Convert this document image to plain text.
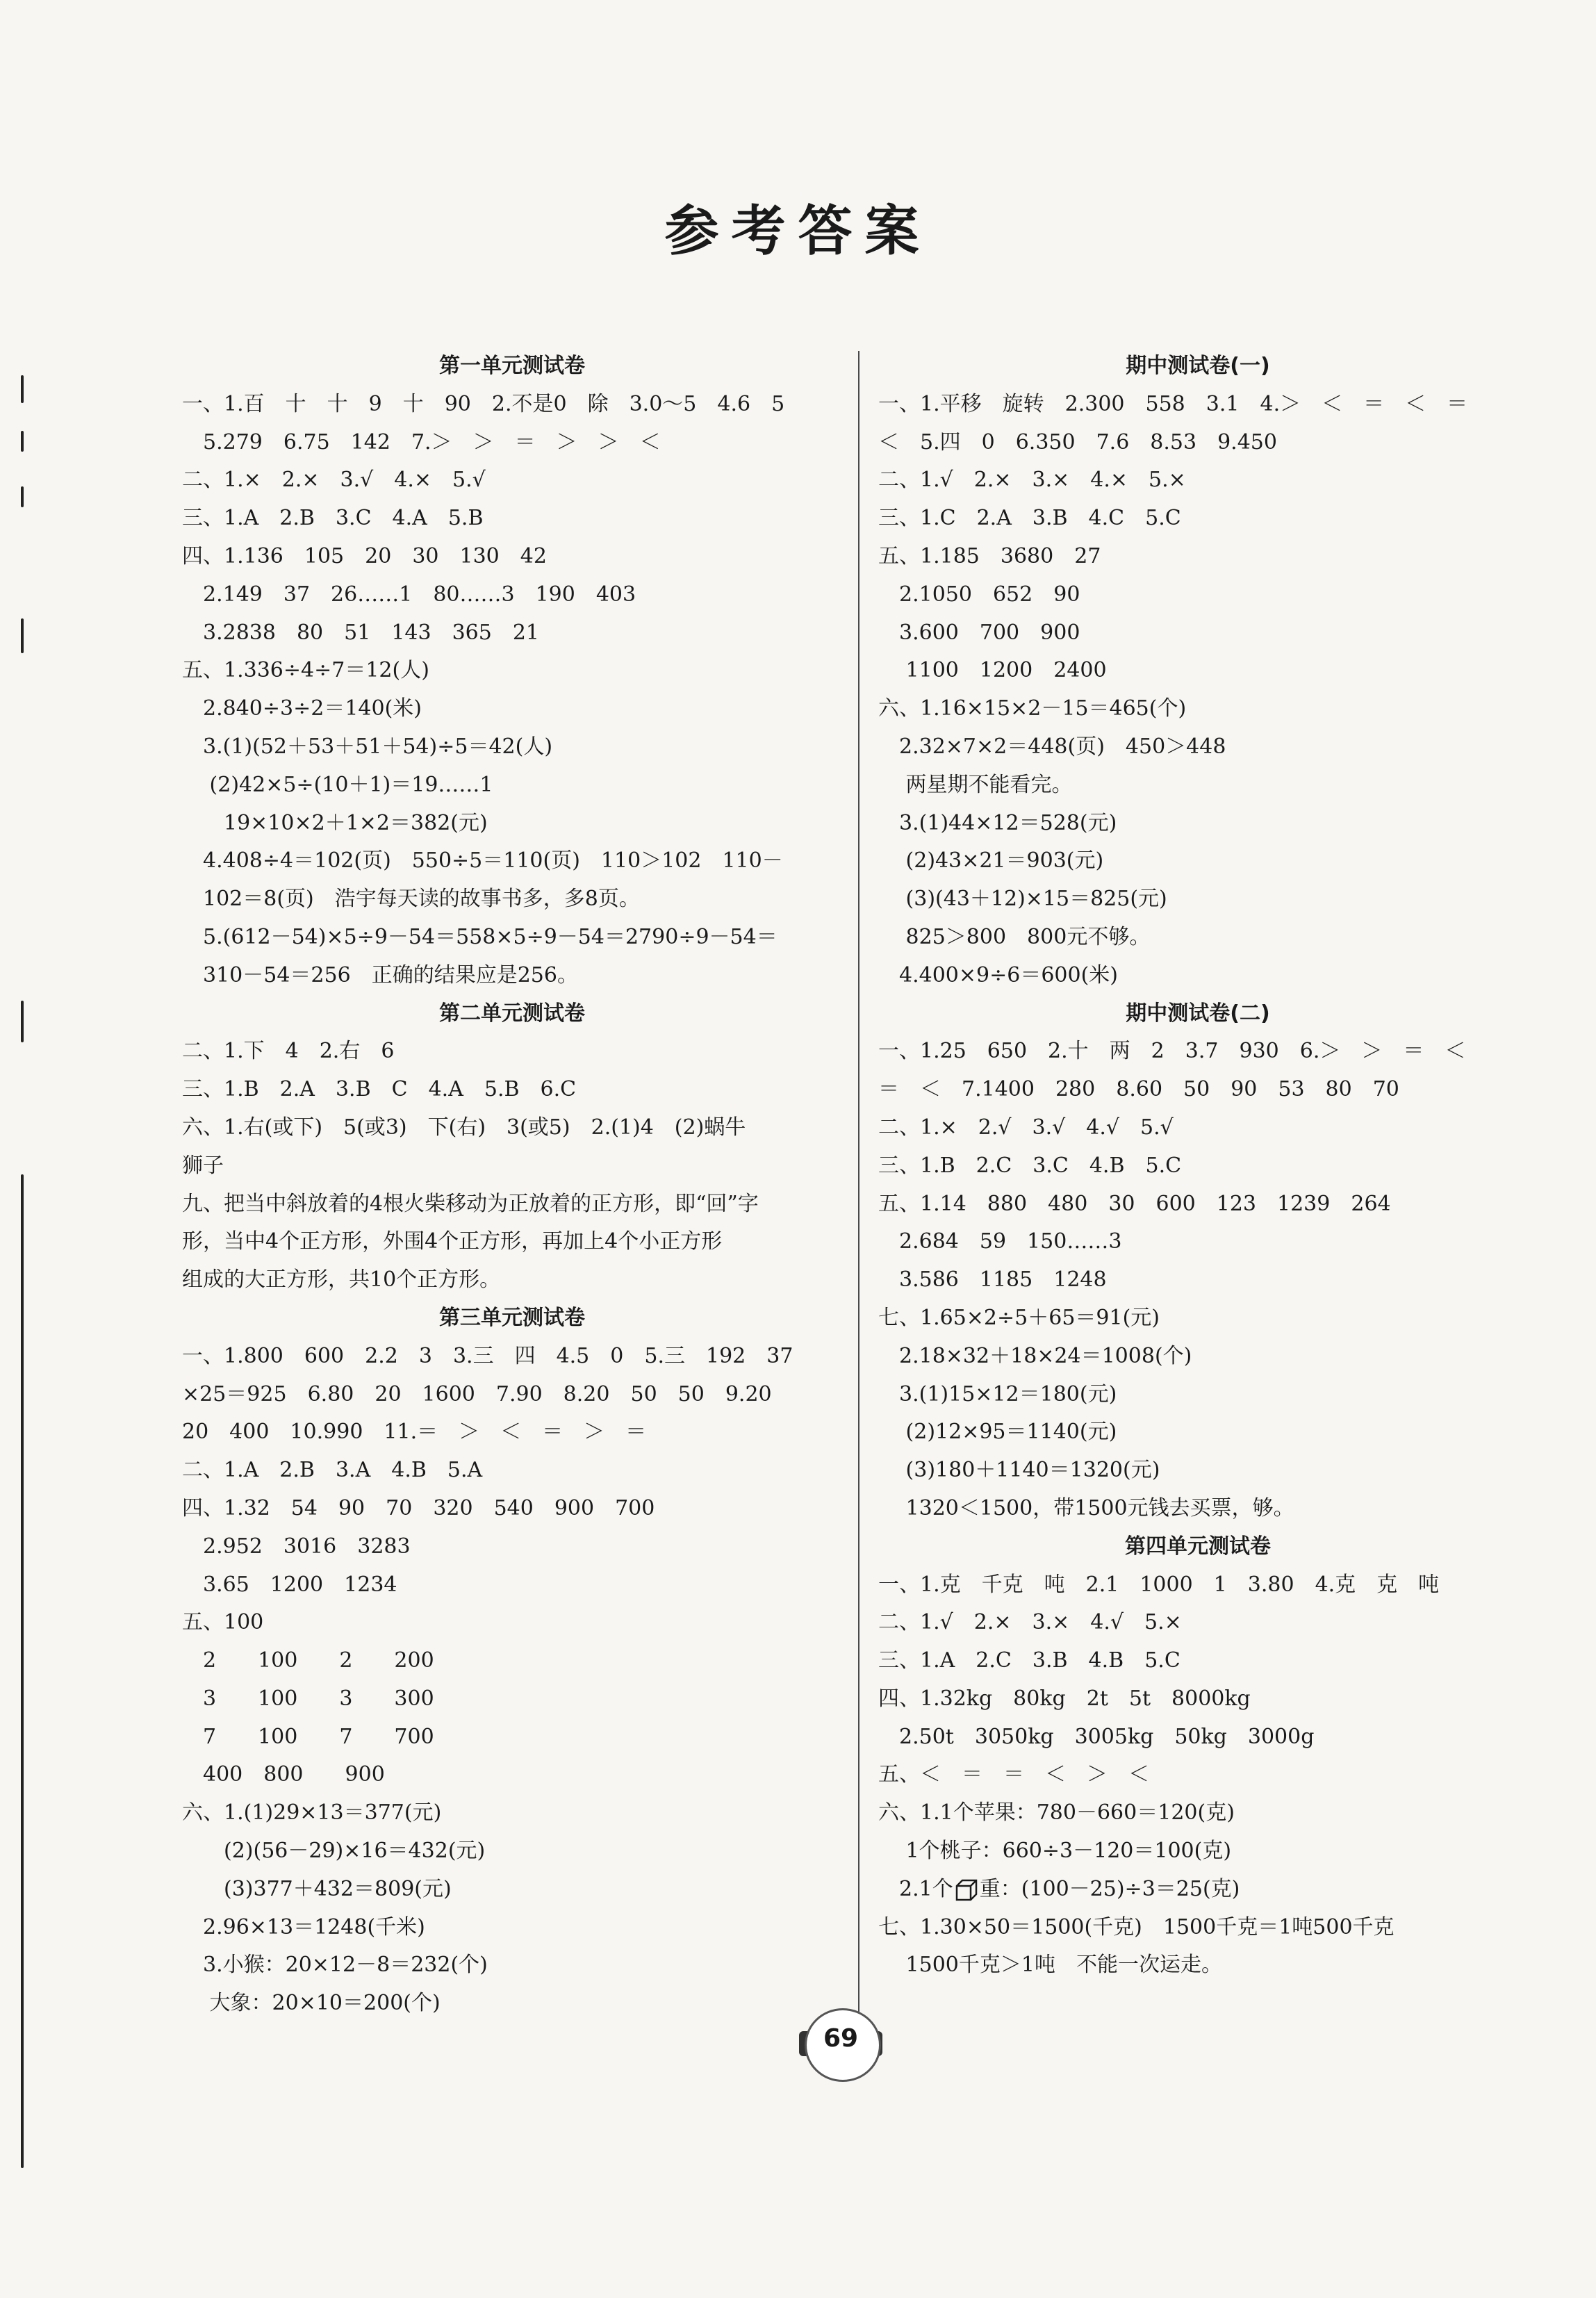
参考答案
第一单元测试卷
一、1.百　十　十　9　十　90　2.不是0　除　3.0～5　4.6　5
　5.279　6.75　142　7.＞　＞　＝　＞　＞　＜
二、1.×　2.×　3.√　4.×　5.√
三、1.A　2.B　3.C　4.A　5.B
四、1.136　105　20　30　130　42
　2.149　37　26……1　80……3　190　403
　3.2838　80　51　143　365　21
五、1.336÷4÷7＝12(人)
　2.840÷3÷2＝140(米)
　3.(1)(52＋53＋51＋54)÷5＝42(人)
　 (2)42×5÷(10＋1)＝19……1
　　19×10×2＋1×2＝382(元)
　4.408÷4＝102(页)　550÷5＝110(页)　110＞102　110－
　102＝8(页)　浩宇每天读的故事书多，多8页。
　5.(612－54)×5÷9－54＝558×5÷9－54＝2790÷9－54＝
　310－54＝256　正确的结果应是256。
第二单元测试卷
二、1.下　4　2.右　6
三、1.B　2.A　3.B　C　4.A　5.B　6.C
六、1.右(或下)　5(或3)　下(右)　3(或5)　2.(1)4　(2)蜗牛
狮子
九、把当中斜放着的4根火柴移动为正放着的正方形，即“回”字
形，当中4个正方形，外围4个正方形，再加上4个小正方形
组成的大正方形，共10个正方形。
第三单元测试卷
一、1.800　600　2.2　3　3.三　四　4.5　0　5.三　192　37
×25＝925　6.80　20　1600　7.90　8.20　50　50　9.20
20　400　10.990　11.＝　＞　＜　＝　＞　＝
二、1.A　2.B　3.A　4.B　5.A
四、1.32　54　90　70　320　540　900　700
　2.952　3016　3283
　3.65　1200　1234
五、100
　2　　100　　2　　200
　3　　100　　3　　300
　7　　100　　7　　700
　400　800　　900
六、1.(1)29×13＝377(元)
　　(2)(56－29)×16＝432(元)
　　(3)377＋432＝809(元)
　2.96×13＝1248(千米)
　3.小猴：20×12－8＝232(个)
　 大象：20×10＝200(个)
期中测试卷(一)
一、1.平移　旋转　2.300　558　3.1　4.＞　＜　＝　＜　＝
＜　5.四　0　6.350　7.6　8.53　9.450
二、1.√　2.×　3.×　4.×　5.×
三、1.C　2.A　3.B　4.C　5.C
五、1.185　3680　27
　2.1050　652　90
　3.600　700　900
　 1100　1200　2400
六、1.16×15×2－15＝465(个)
　2.32×7×2＝448(页)　450＞448
　 两星期不能看完。
　3.(1)44×12＝528(元)
　 (2)43×21＝903(元)
　 (3)(43＋12)×15＝825(元)
　 825＞800　800元不够。
　4.400×9÷6＝600(米)
期中测试卷(二)
一、1.25　650　2.十　两　2　3.7　930　6.＞　＞　＝　＜
＝　＜　7.1400　280　8.60　50　90　53　80　70
二、1.×　2.√　3.√　4.√　5.√
三、1.B　2.C　3.C　4.B　5.C
五、1.14　880　480　30　600　123　1239　264
　2.684　59　150……3
　3.586　1185　1248
七、1.65×2÷5＋65＝91(元)
　2.18×32＋18×24＝1008(个)
　3.(1)15×12＝180(元)
　 (2)12×95＝1140(元)
　 (3)180＋1140＝1320(元)
　 1320＜1500，带1500元钱去买票，够。
第四单元测试卷
一、1.克　千克　吨　2.1　1000　1　3.80　4.克　克　吨
二、1.√　2.×　3.×　4.√　5.×
三、1.A　2.C　3.B　4.B　5.C
四、1.32kg　80kg　2t　5t　8000kg
　2.50t　3050kg　3005kg　50kg　3000g
五、＜　＝　＝　＜　＞　＜
六、1.1个苹果：780－660＝120(克)
　 1个桃子：660÷3－120＝100(克)
　2.1个 重：(100－25)÷3＝25(克)
七、1.30×50＝1500(千克)　1500千克＝1吨500千克
　 1500千克＞1吨　不能一次运走。
69
